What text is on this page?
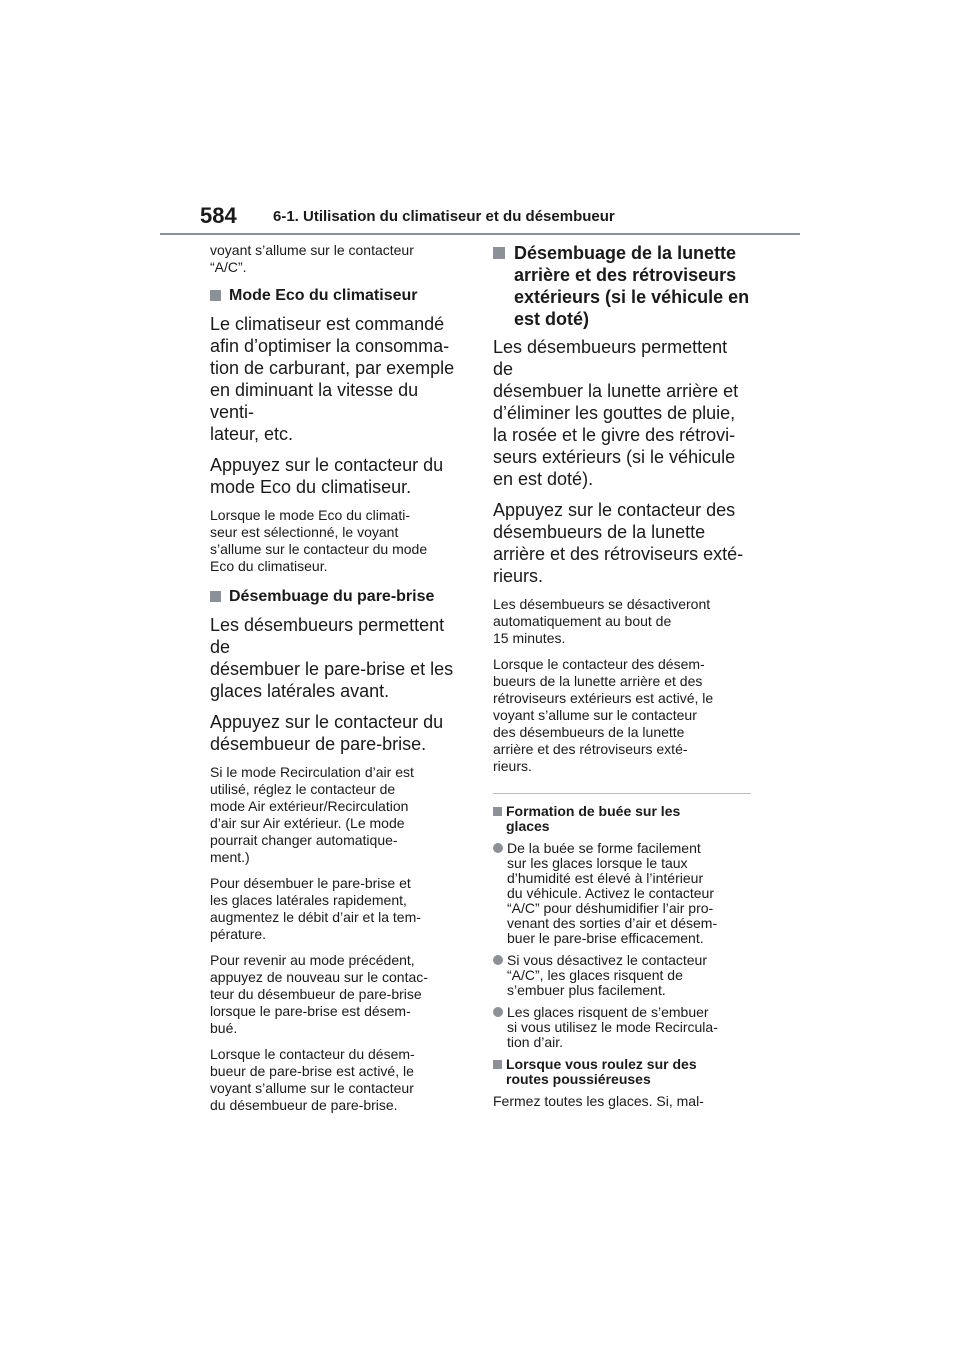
584 6-1. Utilisation du climatiseur et du désembueur
voyant s’allume sur le contacteur
“A/C”.
Mode Eco du climatiseur
Le climatiseur est commandé
afin d’optimiser la consomma-
tion de carburant, par exemple
en diminuant la vitesse du venti-
lateur, etc.
Appuyez sur le contacteur du
mode Eco du climatiseur.
Lorsque le mode Eco du climati-
seur est sélectionné, le voyant
s’allume sur le contacteur du mode
Eco du climatiseur.
Désembuage du pare-brise
Les désembueurs permettent de
désembuer le pare-brise et les
glaces latérales avant.
Appuyez sur le contacteur du
désembueur de pare-brise.
Si le mode Recirculation d’air est
utilisé, réglez le contacteur de
mode Air extérieur/Recirculation
d’air sur Air extérieur. (Le mode
pourrait changer automatique-
ment.)
Pour désembuer le pare-brise et
les glaces latérales rapidement,
augmentez le débit d’air et la tem-
pérature.
Pour revenir au mode précédent,
appuyez de nouveau sur le contac-
teur du désembueur de pare-brise
lorsque le pare-brise est désem-
bué.
Lorsque le contacteur du désem-
bueur de pare-brise est activé, le
voyant s’allume sur le contacteur
du désembueur de pare-brise.
Désembuage de la lunette
arrière et des rétroviseurs
extérieurs (si le véhicule en
est doté)
Les désembueurs permettent de
désembuer la lunette arrière et
d’éliminer les gouttes de pluie,
la rosée et le givre des rétrovi-
seurs extérieurs (si le véhicule
en est doté).
Appuyez sur le contacteur des
désembueurs de la lunette
arrière et des rétroviseurs exté-
rieurs.
Les désembueurs se désactiveront
automatiquement au bout de
15 minutes.
Lorsque le contacteur des désem-
bueurs de la lunette arrière et des
rétroviseurs extérieurs est activé, le
voyant s’allume sur le contacteur
des désembueurs de la lunette
arrière et des rétroviseurs exté-
rieurs.
Formation de buée sur les
glaces
De la buée se forme facilement
sur les glaces lorsque le taux
d’humidité est élevé à l’intérieur
du véhicule. Activez le contacteur
“A/C” pour déshumidifier l’air pro-
venant des sorties d’air et désem-
buer le pare-brise efficacement.
Si vous désactivez le contacteur
“A/C”, les glaces risquent de
s’embuer plus facilement.
Les glaces risquent de s’embuer
si vous utilisez le mode Recircula-
tion d’air.
Lorsque vous roulez sur des
routes poussiéreuses
Fermez toutes les glaces. Si, mal-
